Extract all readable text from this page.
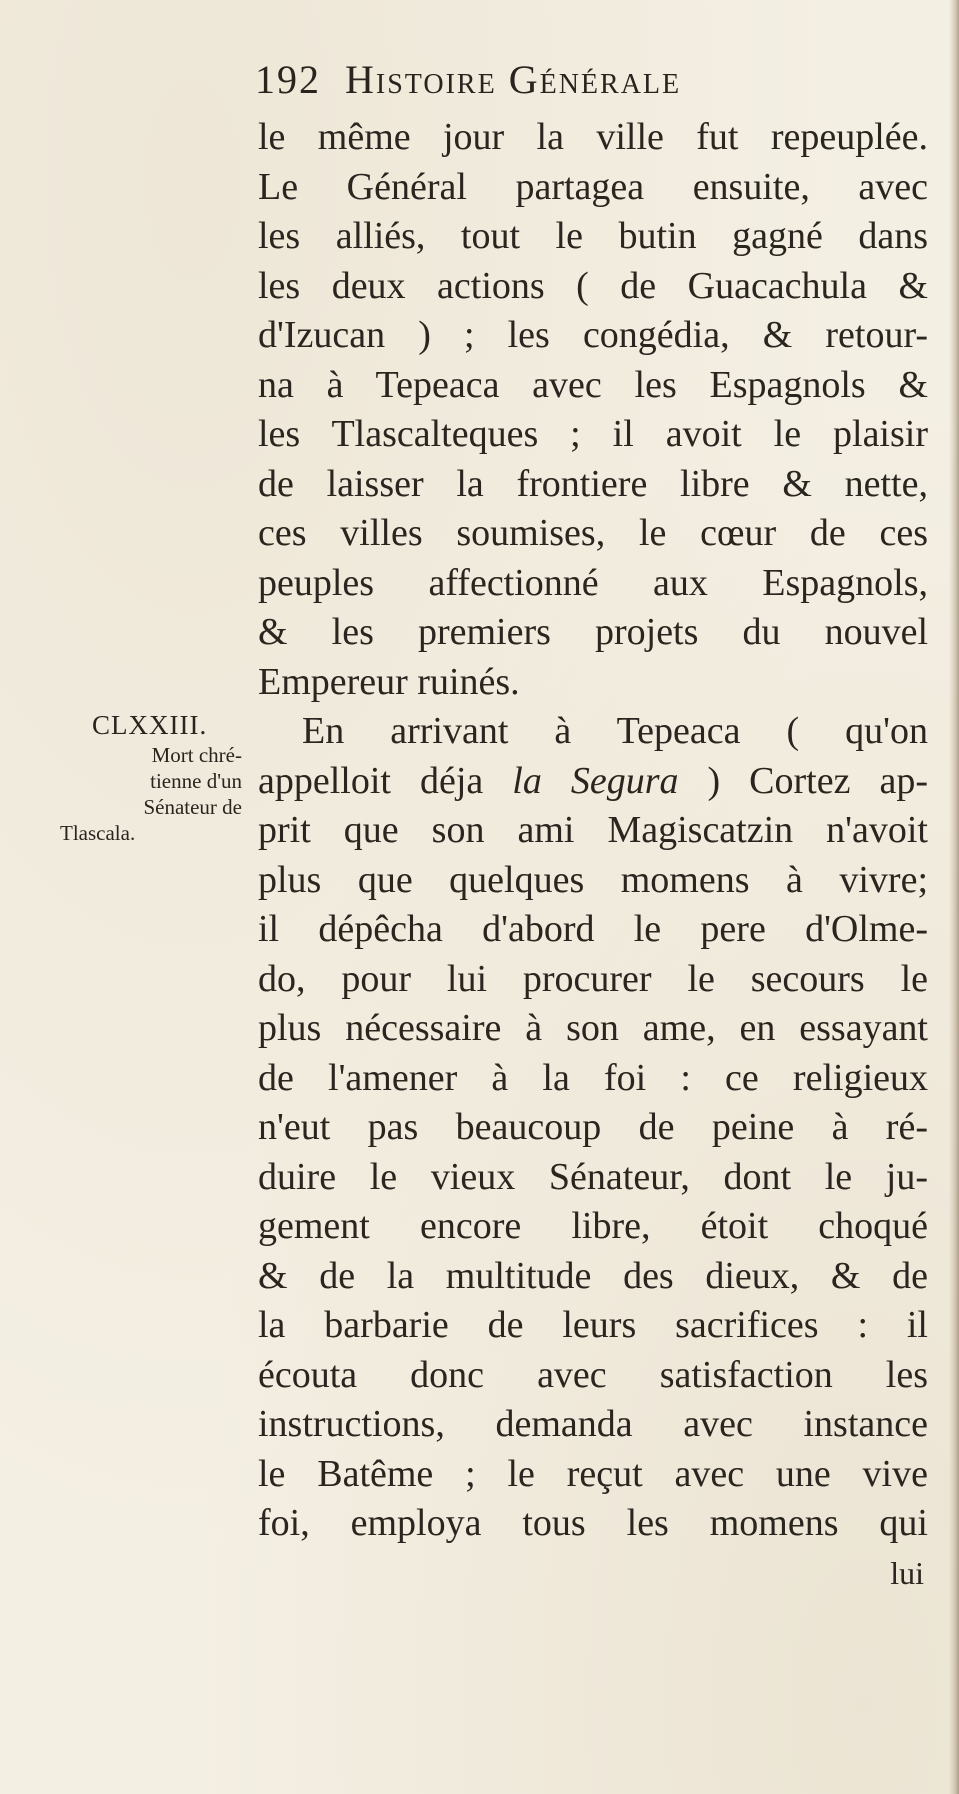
192 Histoire Générale
CLXXIII.
Mort chré-
tienne d'un
Sénateur de
Tlascala.
le même jour la ville fut repeuplée.
Le Général partagea ensuite, avec
les alliés, tout le butin gagné dans
les deux actions ( de Guacachula &
d'Izucan ) ; les congédia, & retour-
na à Tepeaca avec les Espagnols &
les Tlascalteques ; il avoit le plaisir
de laisser la frontiere libre & nette,
ces villes soumises, le cœur de ces
peuples affectionné aux Espagnols,
& les premiers projets du nouvel
Empereur ruinés.
En arrivant à Tepeaca ( qu'on
appelloit déja la Segura ) Cortez ap-
prit que son ami Magiscatzin n'avoit
plus que quelques momens à vivre;
il dépêcha d'abord le pere d'Olme-
do, pour lui procurer le secours le
plus nécessaire à son ame, en essayant
de l'amener à la foi : ce religieux
n'eut pas beaucoup de peine à ré-
duire le vieux Sénateur, dont le ju-
gement encore libre, étoit choqué
& de la multitude des dieux, & de
la barbarie de leurs sacrifices : il
écouta donc avec satisfaction les
instructions, demanda avec instance
le Batême ; le reçut avec une vive
foi, employa tous les momens qui
lui
